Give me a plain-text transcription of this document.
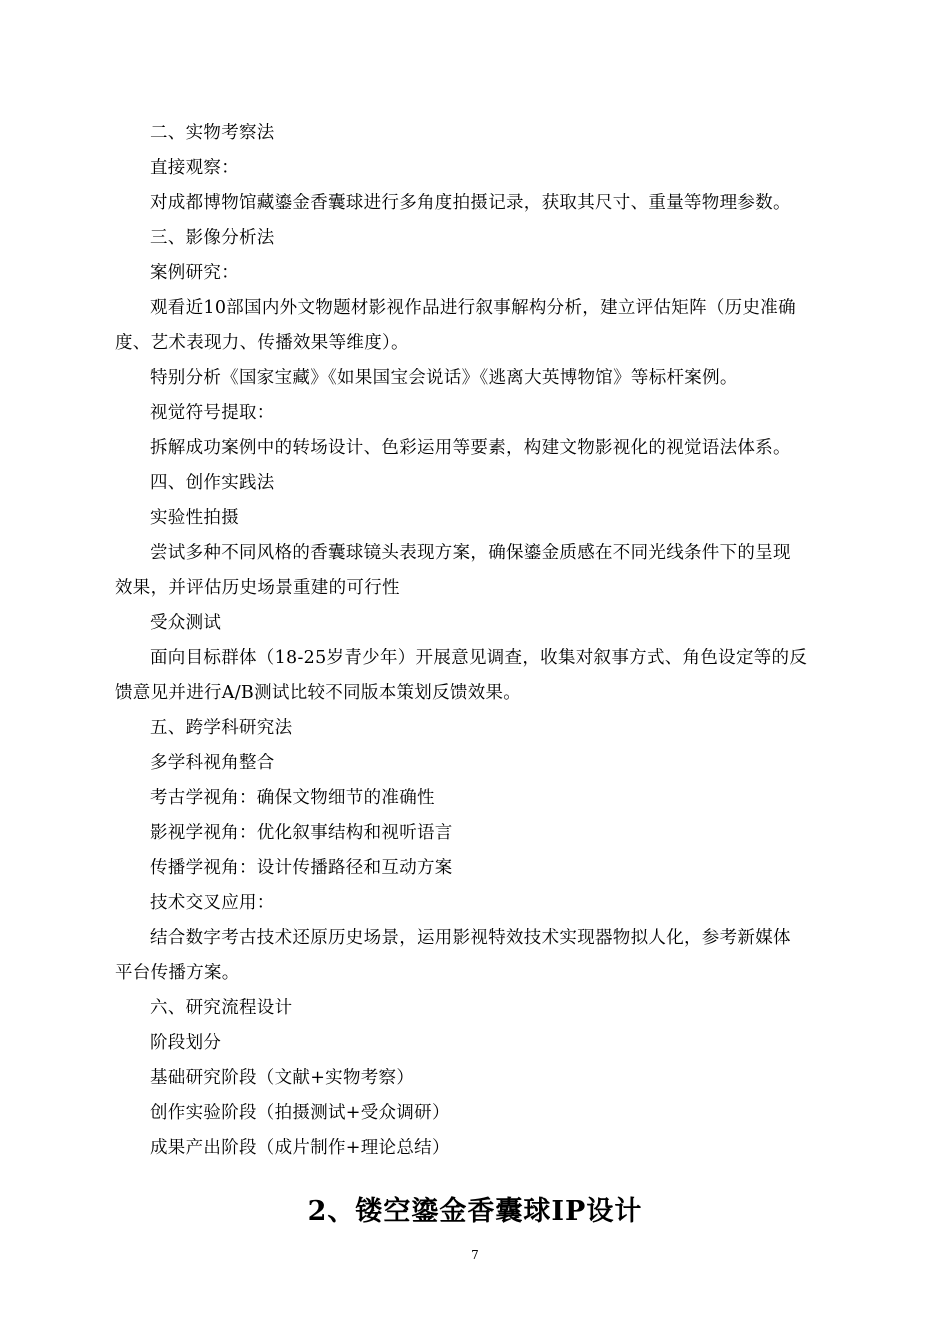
二、实物考察法
直接观察：
对成都博物馆藏鎏金香囊球进行多角度拍摄记录，获取其尺寸、重量等物理参数。
三、影像分析法
案例研究：
观看近10部国内外文物题材影视作品进行叙事解构分析，建立评估矩阵（历史准确
度、艺术表现力、传播效果等维度）。
特别分析《国家宝藏》《如果国宝会说话》《逃离大英博物馆》等标杆案例。
视觉符号提取：
拆解成功案例中的转场设计、色彩运用等要素，构建文物影视化的视觉语法体系。
四、创作实践法
实验性拍摄
尝试多种不同风格的香囊球镜头表现方案，确保鎏金质感在不同光线条件下的呈现
效果，并评估历史场景重建的可行性
受众测试
面向目标群体（18-25岁青少年）开展意见调查，收集对叙事方式、角色设定等的反
馈意见并进行A/B测试比较不同版本策划反馈效果。
五、跨学科研究法
多学科视角整合
考古学视角：确保文物细节的准确性
影视学视角：优化叙事结构和视听语言
传播学视角：设计传播路径和互动方案
技术交叉应用：
结合数字考古技术还原历史场景，运用影视特效技术实现器物拟人化，参考新媒体
平台传播方案。
六、研究流程设计
阶段划分
基础研究阶段（文献+实物考察）
创作实验阶段（拍摄测试+受众调研）
成果产出阶段（成片制作+理论总结）
2、镂空鎏金香囊球IP设计
7
